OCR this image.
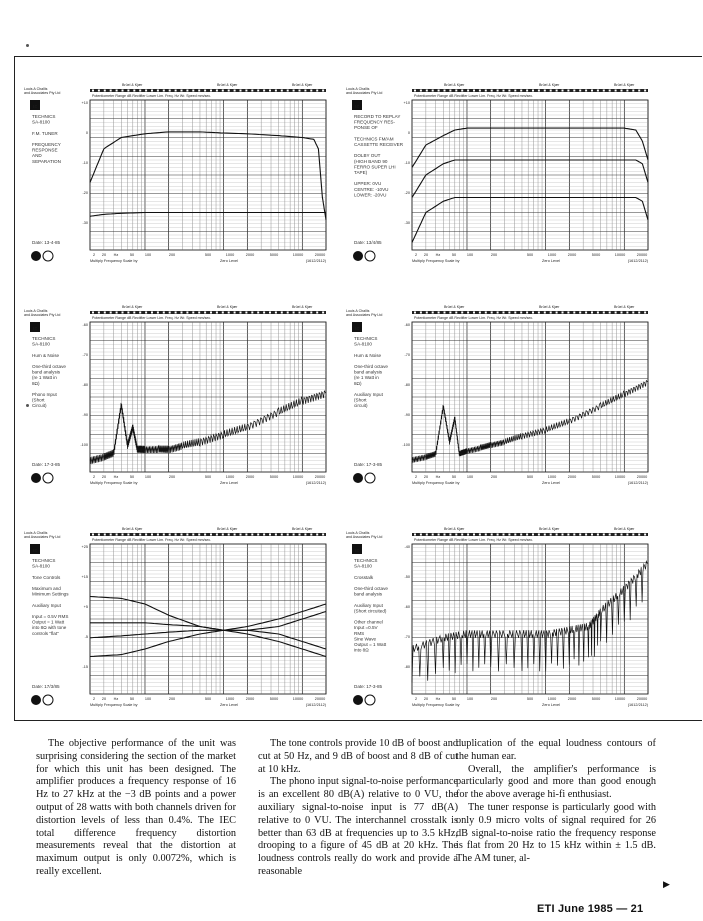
Louis A Challis
and Associates Pty Ltd
Brüel & Kjær	Brüel & Kjær	Brüel & Kjær
Potentiometer Range dB Rectifier Lower Lim. Freq. Hz Wr. Speed mm/sec.
LC
+10
0
-10
-20
-30
2 20 Hz	50	100	200	500	1000	2000	5000	10000	20000
Multiply Frequency Scale by	Zero Level	(1612/2112)
TECHNICS
SA-8100
F.M. TUNER
FREQUENCY
RESPONSE
AND
SEPARATION
Date: 13-4-85
Louis A Challis
and Associates Pty Ltd
Brüel & Kjær	Brüel & Kjær	Brüel & Kjær
Potentiometer Range dB Rectifier Lower Lim. Freq. Hz Wr. Speed mm/sec.
LC
+10
0
-10
-20
-30
2 20 Hz	50	100	200	500	1000	2000	5000	10000	20000
Multiply Frequency Scale by	Zero Level	(1612/2112)
RECORD TO REPLAY
FREQUENCY RES-
PONSE OF
TECHNICS FM/AM
CASSETTE RECEIVER
DOLBY OUT
(HIGH BAND 90
FERRO SUPER LHI
TAPE)
UPPER: 0VU
CENTRE: -10VU
LOWER: -20VU
Date: 13/4/85
Louis A Challis
and Associates Pty Ltd
Brüel & Kjær	Brüel & Kjær	Brüel & Kjær
Potentiometer Range dB Rectifier Lower Lim. Freq. Hz Wr. Speed mm/sec.
LC
-60
-70
-80
-90
-100
2 20 Hz	50	100	200	500	1000	2000	5000	10000	20000
Multiply Frequency Scale by	Zero Level	(1612/2112)
TECHNICS
SA-8100
Hum & Noise
One-third octave
band analysis
(re 1 Watt in
8Ω)
Phono Input
(Short
Circuit)
Date: 17-3-85
Louis A Challis
and Associates Pty Ltd
Brüel & Kjær	Brüel & Kjær	Brüel & Kjær
Potentiometer Range dB Rectifier Lower Lim. Freq. Hz Wr. Speed mm/sec.
LC
-60
-70
-80
-90
-100
2 20 Hz	50	100	200	500	1000	2000	5000	10000	20000
Multiply Frequency Scale by	Zero Level	(1612/2112)
TECHNICS
SA-8100
Hum & Noise
One-third octave
band analysis
(re 1 Watt in
8Ω)
Auxiliary Input
(Short
circuit)
Date: 17-3-85
Louis A Challis
and Associates Pty Ltd
Brüel & Kjær	Brüel & Kjær	Brüel & Kjær
Potentiometer Range dB Rectifier Lower Lim. Freq. Hz Wr. Speed mm/sec.
LC
+25
+15
+5
-5
-15
2 20 Hz	50	100	200	500	1000	2000	5000	10000	20000
Multiply Frequency Scale by	Zero Level	(1612/2112)
TECHNICS
SA-8100
Tone Controls
Maximum and
Minimum Settings
Auxiliary Input
Input = 0.5V RMS
Output = 1 Watt
into 8Ω with tone
controls "flat"
Date: 17/3/85
Louis A Challis
and Associates Pty Ltd
Brüel & Kjær	Brüel & Kjær	Brüel & Kjær
Potentiometer Range dB Rectifier Lower Lim. Freq. Hz Wr. Speed mm/sec.
LC
-40
-50
-60
-70
-80
2 20 Hz	50	100	200	500	1000	2000	5000	10000	20000
Multiply Frequency Scale by	Zero Level	(1612/2112)
TECHNICS
SA-8100
Crosstalk
One-third octave
band analysis
Auxiliary Input
(Short circuited)
Other channel
Input =0.5V
RMS
Sine Wave
Output = 1 Watt
into 8Ω
Date: 17-3-85

The objective performance of the unit was surprising considering the section of the market for which this unit has been designed. The amplifier produces a frequency response of 16 Hz to 27 kHz at the −3 dB points and a power output of 28 watts with both channels driven for distortion levels of less than 0.4%. The IEC total difference frequency distortion measurements reveal that the distortion at maximum output is only 0.0072%, which is really excellent.

The tone controls provide 10 dB of boost and cut at 50 Hz, and 9 dB of boost and 8 dB of cut at 10 kHz.

The phono input signal-to-noise performance is an excellent 80 dB(A) relative to 0 VU, the auxiliary signal-to-noise input is 77 dB(A) relative to 0 VU. The interchannel crosstalk is better than 63 dB at frequencies up to 3.5 kHz, drooping to a figure of 45 dB at 20 kHz. The loudness controls really do work and provide a reasonable

duplication of the equal loudness contours of the human ear.

Overall, the amplifier's performance is particularly good and more than good enough for the above average hi-fi enthusiast.

The tuner response is particularly good with only 0.9 micro volts of signal required for 26 dB signal-to-noise ratio the frequency response is flat from 20 Hz to 15 kHz within ± 1.5 dB. The AM tuner, al-

ETI June 1985 — 21
▶
